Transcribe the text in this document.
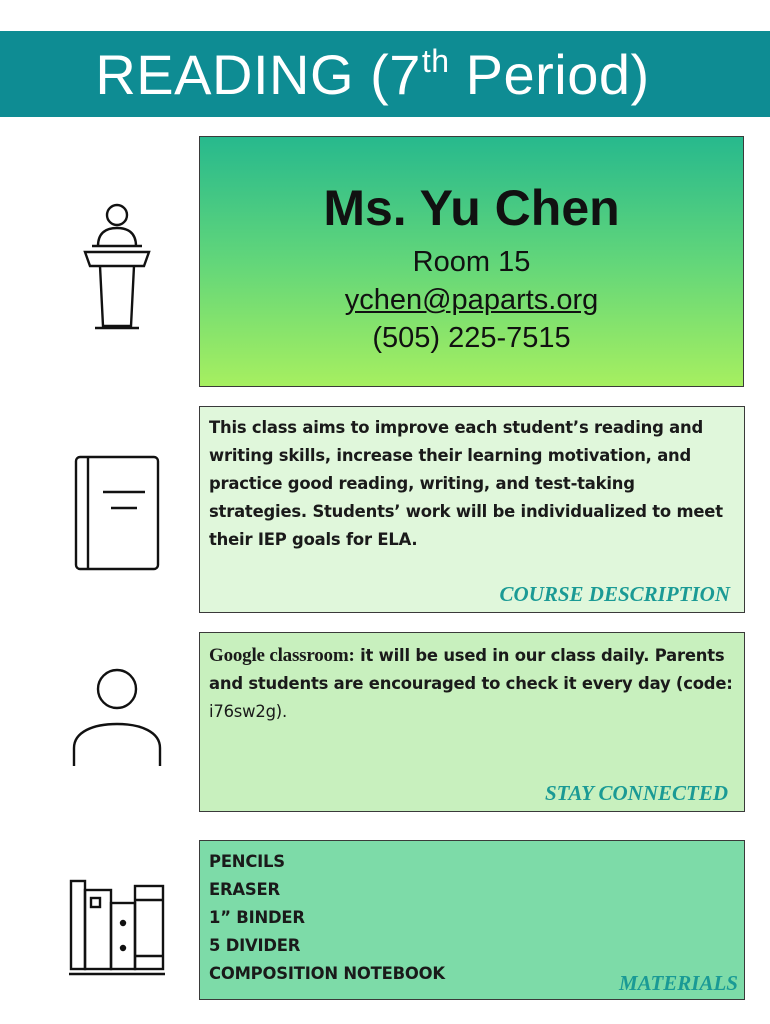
READING (7th Period)
Ms. Yu Chen
Room 15
ychen@paparts.org
(505) 225-7515
This class aims to improve each student’s reading and writing skills, increase their learning motivation, and practice good reading, writing, and test-taking strategies. Students’ work will be individualized to meet their IEP goals for ELA.
COURSE DESCRIPTION
Google classroom: it will be used in our class daily. Parents and students are encouraged to check it every day (code: i76sw2g).
STAY CONNECTED
PENCILS
ERASER
1” BINDER
5 DIVIDER
COMPOSITION NOTEBOOK	MATERIALS
